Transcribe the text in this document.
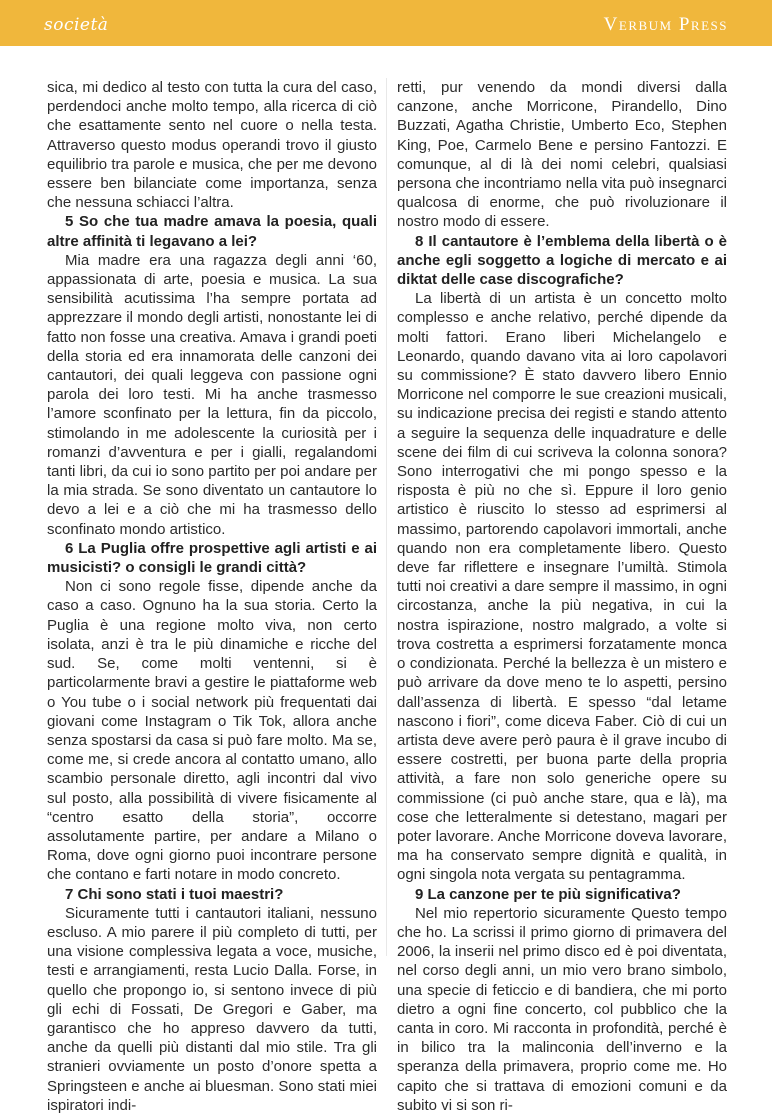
società	Verbum Press

sica, mi dedico al testo con tutta la cura del caso, perdendoci anche molto tempo, alla ricerca di ciò che esattamente sento nel cuore o nella testa. Attraverso questo modus operandi trovo il giusto equilibrio tra parole e musica, che per me devono essere ben bilanciate come importanza, senza che nessuna schiacci l’altra.

5 So che tua madre amava la poesia, quali altre affinità ti legavano a lei?

Mia madre era una ragazza degli anni ‘60, appassionata di arte, poesia e musica. La sua sensibilità acutissima l’ha sempre portata ad apprezzare il mondo degli artisti, nonostante lei di fatto non fosse una creativa. Amava i grandi poeti della storia ed era innamorata delle canzoni dei cantautori, dei quali leggeva con passione ogni parola dei loro testi. Mi ha anche trasmesso l’amore sconfinato per la lettura, fin da piccolo, stimolando in me adolescente la curiosità per i romanzi d’avventura e per i gialli, regalandomi tanti libri, da cui io sono partito per poi andare per la mia strada. Se sono diventato un cantautore lo devo a lei e a ciò che mi ha trasmesso dello sconfinato mondo artistico.

6 La Puglia offre prospettive agli artisti e ai musicisti? o consigli le grandi città?

Non ci sono regole fisse, dipende anche da caso a caso. Ognuno ha la sua storia. Certo la Puglia è una regione molto viva, non certo isolata, anzi è tra le più dinamiche e ricche del sud. Se, come molti ventenni, si è particolarmente bravi a gestire le piattaforme web o You tube o i social network più frequentati dai giovani come Instagram o Tik Tok, allora anche senza spostarsi da casa si può fare molto. Ma se, come me, si crede ancora al contatto umano, allo scambio personale diretto, agli incontri dal vivo sul posto, alla possibilità di vivere fisicamente al “centro esatto della storia”, occorre assolutamente partire, per andare a Milano o Roma, dove ogni giorno puoi incontrare persone che contano e farti notare in modo concreto.

7 Chi sono stati i tuoi maestri?

Sicuramente tutti i cantautori italiani, nessuno escluso. A mio parere il più completo di tutti, per una visione complessiva legata a voce, musiche, testi e arrangiamenti, resta Lucio Dalla. Forse, in quello che propongo io, si sentono invece di più gli echi di Fossati, De Gregori e Gaber, ma garantisco che ho appreso davvero da tutti, anche da quelli più distanti dal mio stile. Tra gli stranieri ovviamente un posto d’onore spetta a Springsteen e anche ai bluesman. Sono stati miei ispiratori indi-

retti, pur venendo da mondi diversi dalla canzone, anche Morricone, Pirandello, Dino Buzzati, Agatha Christie, Umberto Eco, Stephen King, Poe, Carmelo Bene e persino Fantozzi. E comunque, al di là dei nomi celebri, qualsiasi persona che incontriamo nella vita può insegnarci qualcosa di enorme, che può rivoluzionare il nostro modo di essere.

8 Il cantautore è l’emblema della libertà o è anche egli soggetto a logiche di mercato e ai diktat delle case discografiche?

La libertà di un artista è un concetto molto complesso e anche relativo, perché dipende da molti fattori. Erano liberi Michelangelo e Leonardo, quando davano vita ai loro capolavori su commissione? È stato davvero libero Ennio Morricone nel comporre le sue creazioni musicali, su indicazione precisa dei registi e stando attento a seguire la sequenza delle inquadrature e delle scene dei film di cui scriveva la colonna sonora? Sono interrogativi che mi pongo spesso e la risposta è più no che sì. Eppure il loro genio artistico è riuscito lo stesso ad esprimersi al massimo, partorendo capolavori immortali, anche quando non era completamente libero. Questo deve far riflettere e insegnare l’umiltà. Stimola tutti noi creativi a dare sempre il massimo, in ogni circostanza, anche la più negativa, in cui la nostra ispirazione, nostro malgrado, a volte si trova costretta a esprimersi forzatamente monca o condizionata. Perché la bellezza è un mistero e può arrivare da dove meno te lo aspetti, persino dall’assenza di libertà. E spesso “dal letame nascono i fiori”, come diceva Faber. Ciò di cui un artista deve avere però paura è il grave incubo di essere costretti, per buona parte della propria attività, a fare non solo generiche opere su commissione (ci può anche stare, qua e là), ma cose che letteralmente si detestano, magari per poter lavorare. Anche Morricone doveva lavorare, ma ha conservato sempre dignità e qualità, in ogni singola nota vergata su pentagramma.

9 La canzone per te più significativa?

Nel mio repertorio sicuramente Questo tempo che ho. La scrissi il primo giorno di primavera del 2006, la inserii nel primo disco ed è poi diventata, nel corso degli anni, un mio vero brano simbolo, una specie di feticcio e di bandiera, che mi porto dietro a ogni fine concerto, col pubblico che la canta in coro. Mi racconta in profondità, perché è in bilico tra la malinconia dell’inverno e la speranza della primavera, proprio come me. Ho capito che si trattava di emozioni comuni e da subito vi si son ri-
